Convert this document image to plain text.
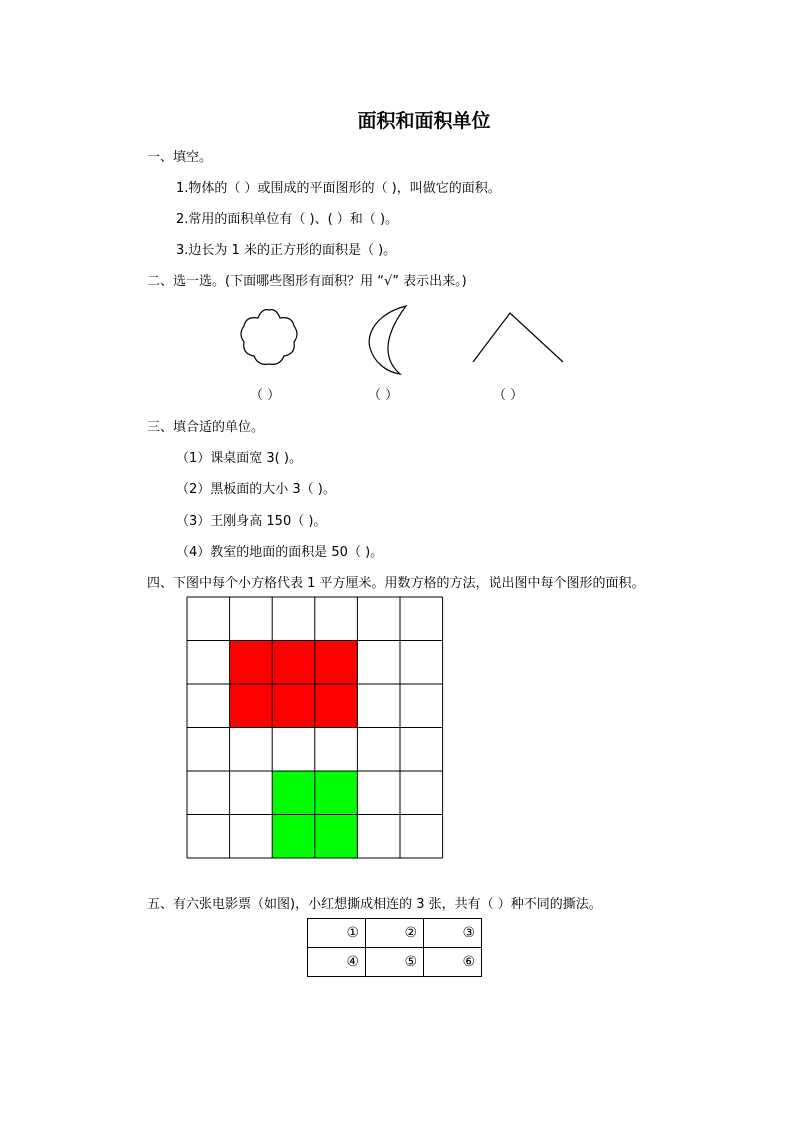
面积和面积单位
一、填空。
1.物体的（ ）或围成的平面图形的（ )，叫做它的面积。
2.常用的面积单位有（ )、( ）和（ )。
3.边长为 1 米的正方形的面积是（ )。
二、选一选。(下面哪些图形有面积？用 “√” 表示出来。)
（ ）	（ ）	（ ）
三、填合适的单位。
（1）课桌面宽 3( )。
（2）黑板面的大小 3（ )。
（3）王刚身高 150（ )。
（4）教室的地面的面积是 50（ )。
四、下图中每个小方格代表 1 平方厘米。用数方格的方法，说出图中每个图形的面积。
五、有六张电影票（如图)，小红想撕成相连的 3 张，共有（ ）种不同的撕法。
①	②	③
④	⑤	⑥
